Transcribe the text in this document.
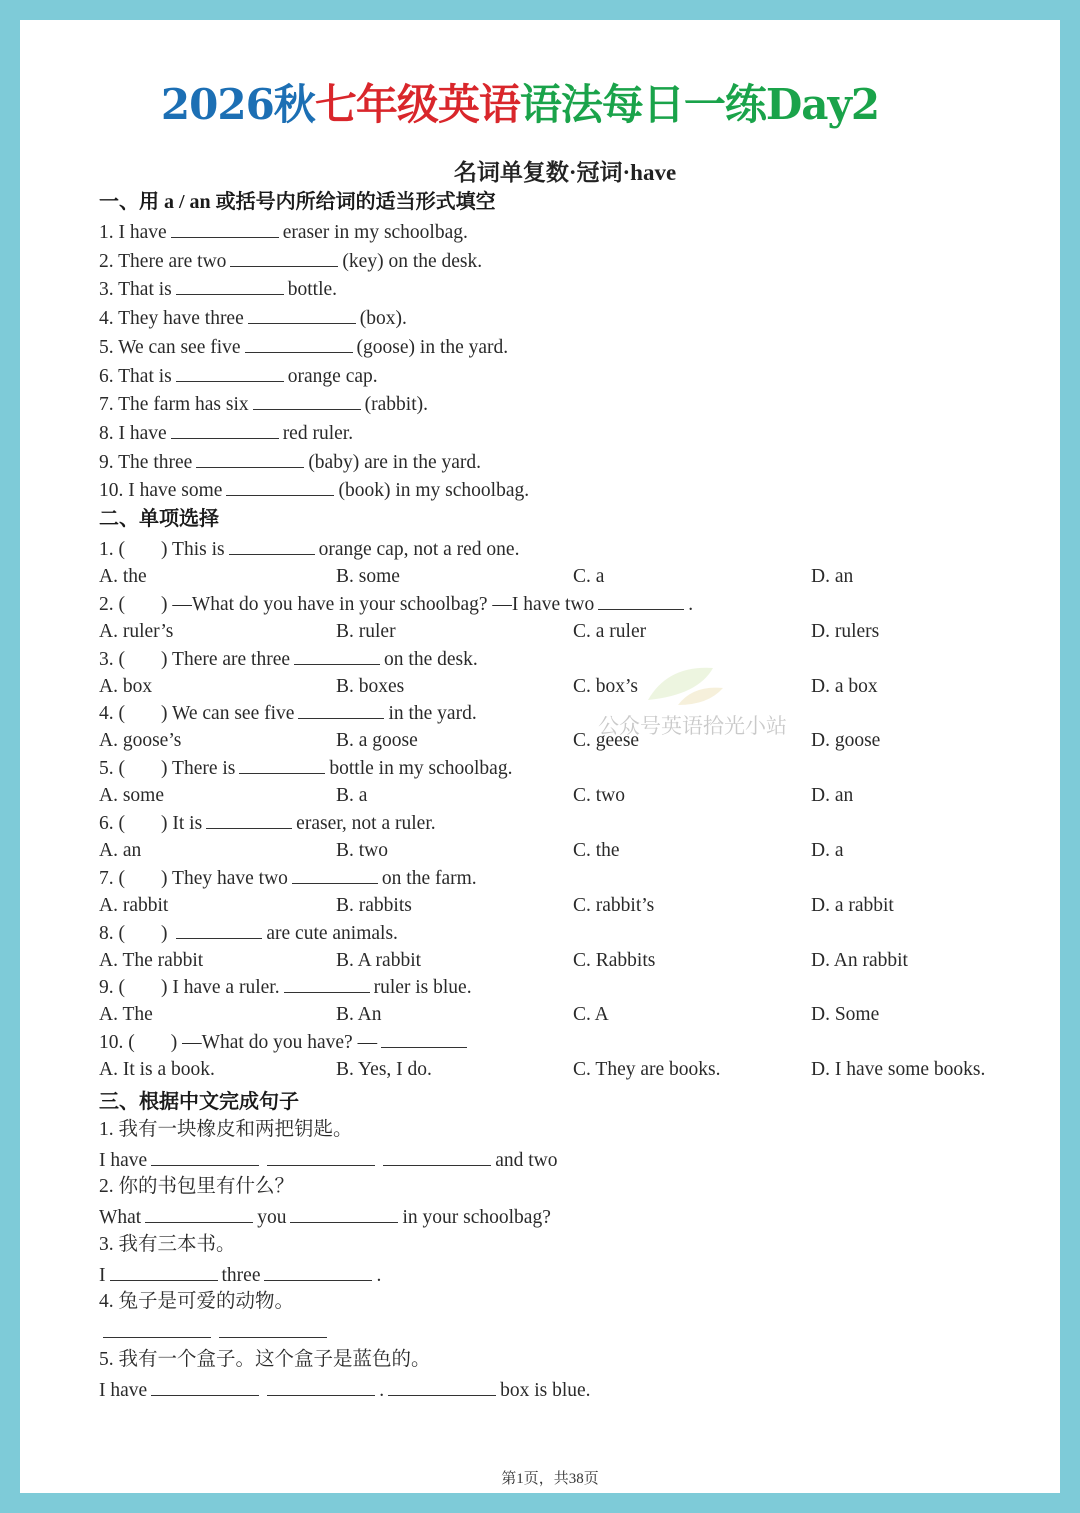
2026秋七年级英语语法每日一练Day2
名词单复数·冠词·have
一、用 a / an 或括号内所给词的适当形式填空
1. I have	eraser in my schoolbag.
2. There are two	(key) on the desk.
3. That is	bottle.
4. They have three	(box).
5. We can see five	(goose) in the yard.
6. That is	orange cap.
7. The farm has six	(rabbit).
8. I have	red ruler.
9. The three	(baby) are in the yard.
10. I have some	(book) in my schoolbag.
二、单项选择
1. ( ) This is	orange cap, not a red one.
A. the	B. some	C. a	D. an
2. ( ) —What do you have in your schoolbag? —I have two	.
A. ruler’s	B. ruler	C. a ruler	D. rulers
3. ( ) There are three	on the desk.
A. box	B. boxes	C. box’s	D. a box
4. ( ) We can see five	in the yard.
A. goose’s	B. a goose	C. geese	D. goose
5. ( ) There is	bottle in my schoolbag.
A. some	B. a	C. two	D. an
6. ( ) It is	eraser, not a ruler.
A. an	B. two	C. the	D. a
7. ( ) They have two	on the farm.
A. rabbit	B. rabbits	C. rabbit’s	D. a rabbit
8. ( )	are cute animals.
A. The rabbit	B. A rabbit	C. Rabbits	D. An rabbit
9. ( ) I have a ruler.	ruler is blue.
A. The	B. An	C. A	D. Some
10. ( ) —What do you have? —
A. It is a book.	B. Yes, I do.	C. They are books.	D. I have some books.
三、根据中文完成句子
1. 我有一块橡皮和两把钥匙。
I have	and two
2. 你的书包里有什么？
What	you	in your schoolbag?
3. 我有三本书。
I	three	.
4. 兔子是可爱的动物。
5. 我有一个盒子。这个盒子是蓝色的。
I have	.	box is blue.
公众号英语拾光小站
第1页，共38页
